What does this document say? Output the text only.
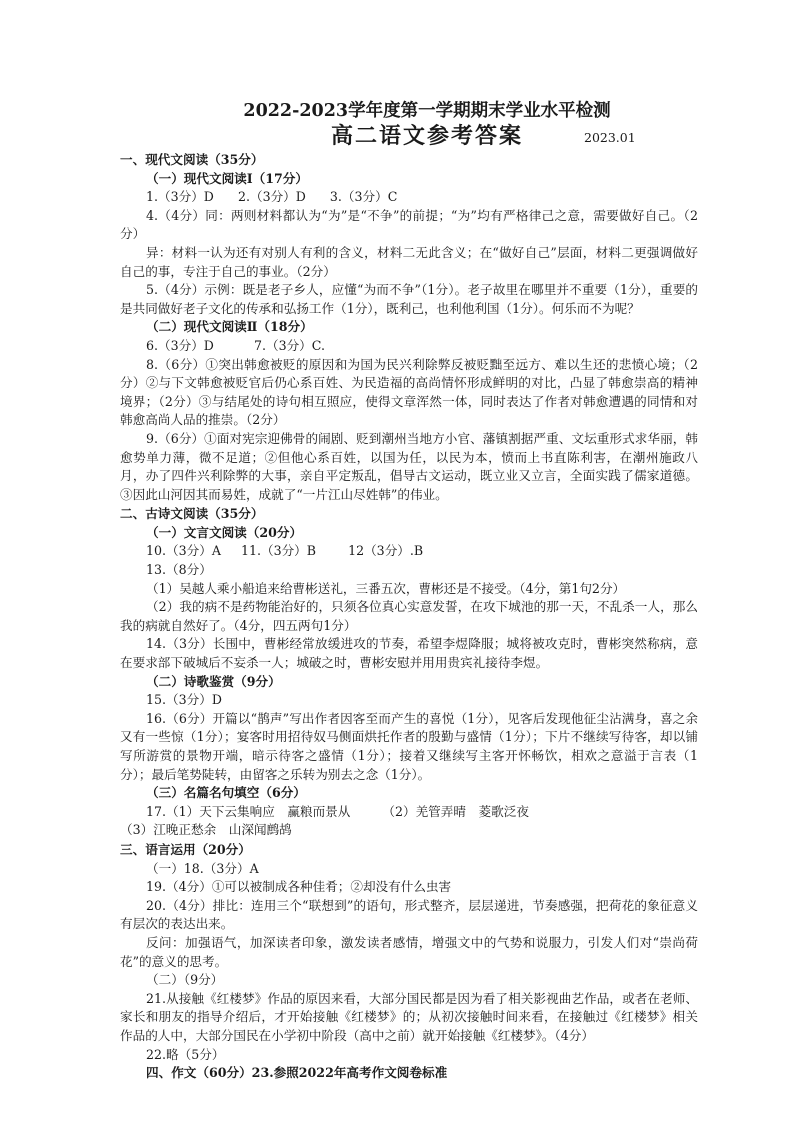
2022-2023学年度第一学期期末学业水平检测
高二语文参考答案	2023.01
一、现代文阅读（35分）
（一）现代文阅读Ⅰ（17分）
1.（3分）D 2.（3分）D 3.（3分）C
4.（4分）同：两则材料都认为“为”是“不争”的前提；“为”均有严格律己之意，需要做好自己。（2分）
异：材料一认为还有对别人有利的含义，材料二无此含义；在“做好自己”层面，材料二更强调做好自己的事，专注于自己的事业。（2分）
5.（4分）示例：既是老子乡人，应懂“为而不争”（1分）。老子故里在哪里并不重要（1分），重要的是共同做好老子文化的传承和弘扬工作（1分），既利己，也利他利国（1分）。何乐而不为呢？
（二）现代文阅读Ⅱ（18分）
6.（3分）D	7.（3分）C.
8.（6分）①突出韩愈被贬的原因和为国为民兴利除弊反被贬黜至远方、难以生还的悲愤心境；（2分）②与下文韩愈被贬官后仍心系百姓、为民造福的高尚情怀形成鲜明的对比，凸显了韩愈崇高的精神境界；（2分）③与结尾处的诗句相互照应，使得文章浑然一体，同时表达了作者对韩愈遭遇的同情和对韩愈高尚人品的推崇。（2分）
9.（6分）①面对宪宗迎佛骨的闹剧、贬到潮州当地方小官、藩镇割据严重、文坛重形式求华丽，韩愈势单力薄，微不足道；②但他心系百姓，以国为任，以民为本，愤而上书直陈利害，在潮州施政八月，办了四件兴利除弊的大事，亲自平定叛乱，倡导古文运动，既立业又立言，全面实践了儒家道德。③因此山河因其而易姓，成就了“一片江山尽姓韩”的伟业。
二、古诗文阅读（35分）
（一）文言文阅读（20分）
10.（3分）A 11.（3分）B	12（3分）.B
13.（8分）
（1）吴越人乘小船追来给曹彬送礼，三番五次，曹彬还是不接受。（4分，第1句2分）
（2）我的病不是药物能治好的，只须各位真心实意发誓，在攻下城池的那一天，不乱杀一人，那么我的病就自然好了。（4分，四五两句1分）
14.（3分）长围中，曹彬经常放缓进攻的节奏，希望李煜降服；城将被攻克时，曹彬突然称病，意在要求部下破城后不妄杀一人；城破之时，曹彬安慰并用用贵宾礼接待李煜。
（二）诗歌鉴赏（9分）
15.（3分）D
16.（6分）开篇以“鹊声”写出作者因客至而产生的喜悦（1分），见客后发现他征尘沾满身，喜之余又有一些惊（1分）；宴客时用招待奴马侧面烘托作者的殷勤与盛情（1分）；下片不继续写待客，却以铺写所游赏的景物开端，暗示待客之盛情（1分）；接着又继续写主客开怀畅饮，相欢之意溢于言表（1分）；最后笔势陡转，由留客之乐转为别去之念（1分）。
（三）名篇名句填空（6分）
17.（1）天下云集响应　赢粮而景从	（2）羌管弄晴　菱歌泛夜
（3）江晚正愁余　山深闻鹧鸪
三、语言运用（20分）
（一）18.（3分）A
19.（4分）①可以被制成各种佳肴；②却没有什么虫害
20.（4分）排比：连用三个“联想到”的语句，形式整齐，层层递进，节奏感强，把荷花的象征意义有层次的表达出来。
反问：加强语气，加深读者印象，激发读者感情，增强文中的气势和说服力，引发人们对“崇尚荷花”的意义的思考。
（二）（9分）
21.从接触《红楼梦》作品的原因来看，大部分国民都是因为看了相关影视曲艺作品，或者在老师、家长和朋友的指导介绍后，才开始接触《红楼梦》的；从初次接触时间来看，在接触过《红楼梦》相关作品的人中，大部分国民在小学初中阶段（高中之前）就开始接触《红楼梦》。（4分）
22.略（5分）
四、作文（60分）23.参照2022年高考作文阅卷标准
